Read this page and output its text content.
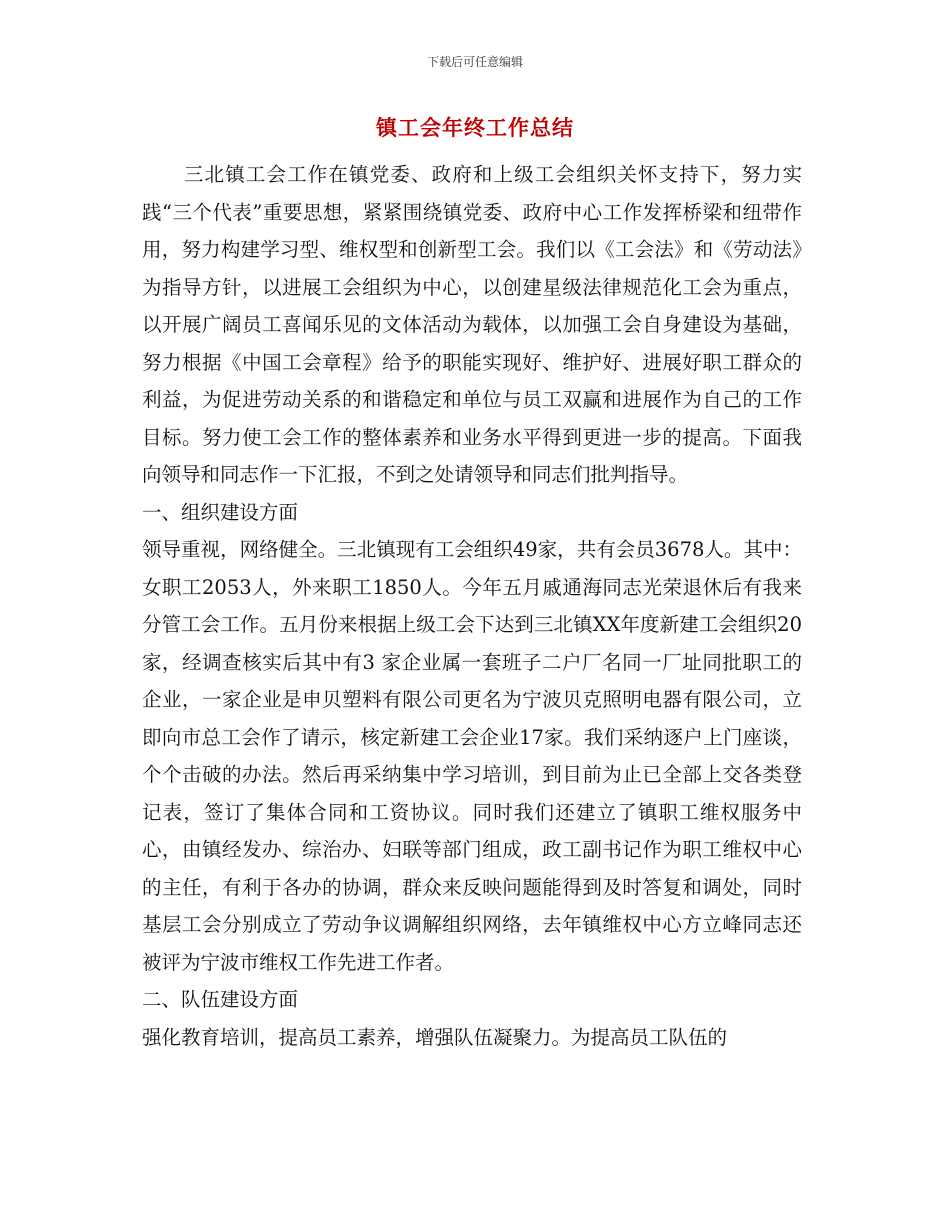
下载后可任意编辑
镇工会年终工作总结

三北镇工会工作在镇党委、政府和上级工会组织关怀支持下，努力实践“三个代表”重要思想，紧紧围绕镇党委、政府中心工作发挥桥梁和纽带作用，努力构建学习型、维权型和创新型工会。我们以《工会法》和《劳动法》为指导方针，以进展工会组织为中心，以创建星级法律规范化工会为重点，以开展广阔员工喜闻乐见的文体活动为载体，以加强工会自身建设为基础，努力根据《中国工会章程》给予的职能实现好、维护好、进展好职工群众的利益，为促进劳动关系的和谐稳定和单位与员工双赢和进展作为自己的工作目标。努力使工会工作的整体素养和业务水平得到更进一步的提高。下面我向领导和同志作一下汇报，不到之处请领导和同志们批判指导。

一、组织建设方面

领导重视，网络健全。三北镇现有工会组织49家，共有会员3678人。其中：女职工2053人，外来职工1850人。今年五月戚通海同志光荣退休后有我来分管工会工作。五月份来根据上级工会下达到三北镇XX年度新建工会组织20家，经调查核实后其中有3 家企业属一套班子二户厂名同一厂址同批职工的企业，一家企业是申贝塑料有限公司更名为宁波贝克照明电器有限公司，立即向市总工会作了请示，核定新建工会企业17家。我们采纳逐户上门座谈，个个击破的办法。然后再采纳集中学习培训，到目前为止已全部上交各类登记表，签订了集体合同和工资协议。同时我们还建立了镇职工维权服务中心，由镇经发办、综治办、妇联等部门组成，政工副书记作为职工维权中心的主任，有利于各办的协调，群众来反映问题能得到及时答复和调处，同时基层工会分别成立了劳动争议调解组织网络，去年镇维权中心方立峰同志还被评为宁波市维权工作先进工作者。

二、队伍建设方面

强化教育培训，提高员工素养，增强队伍凝聚力。为提高员工队伍的
